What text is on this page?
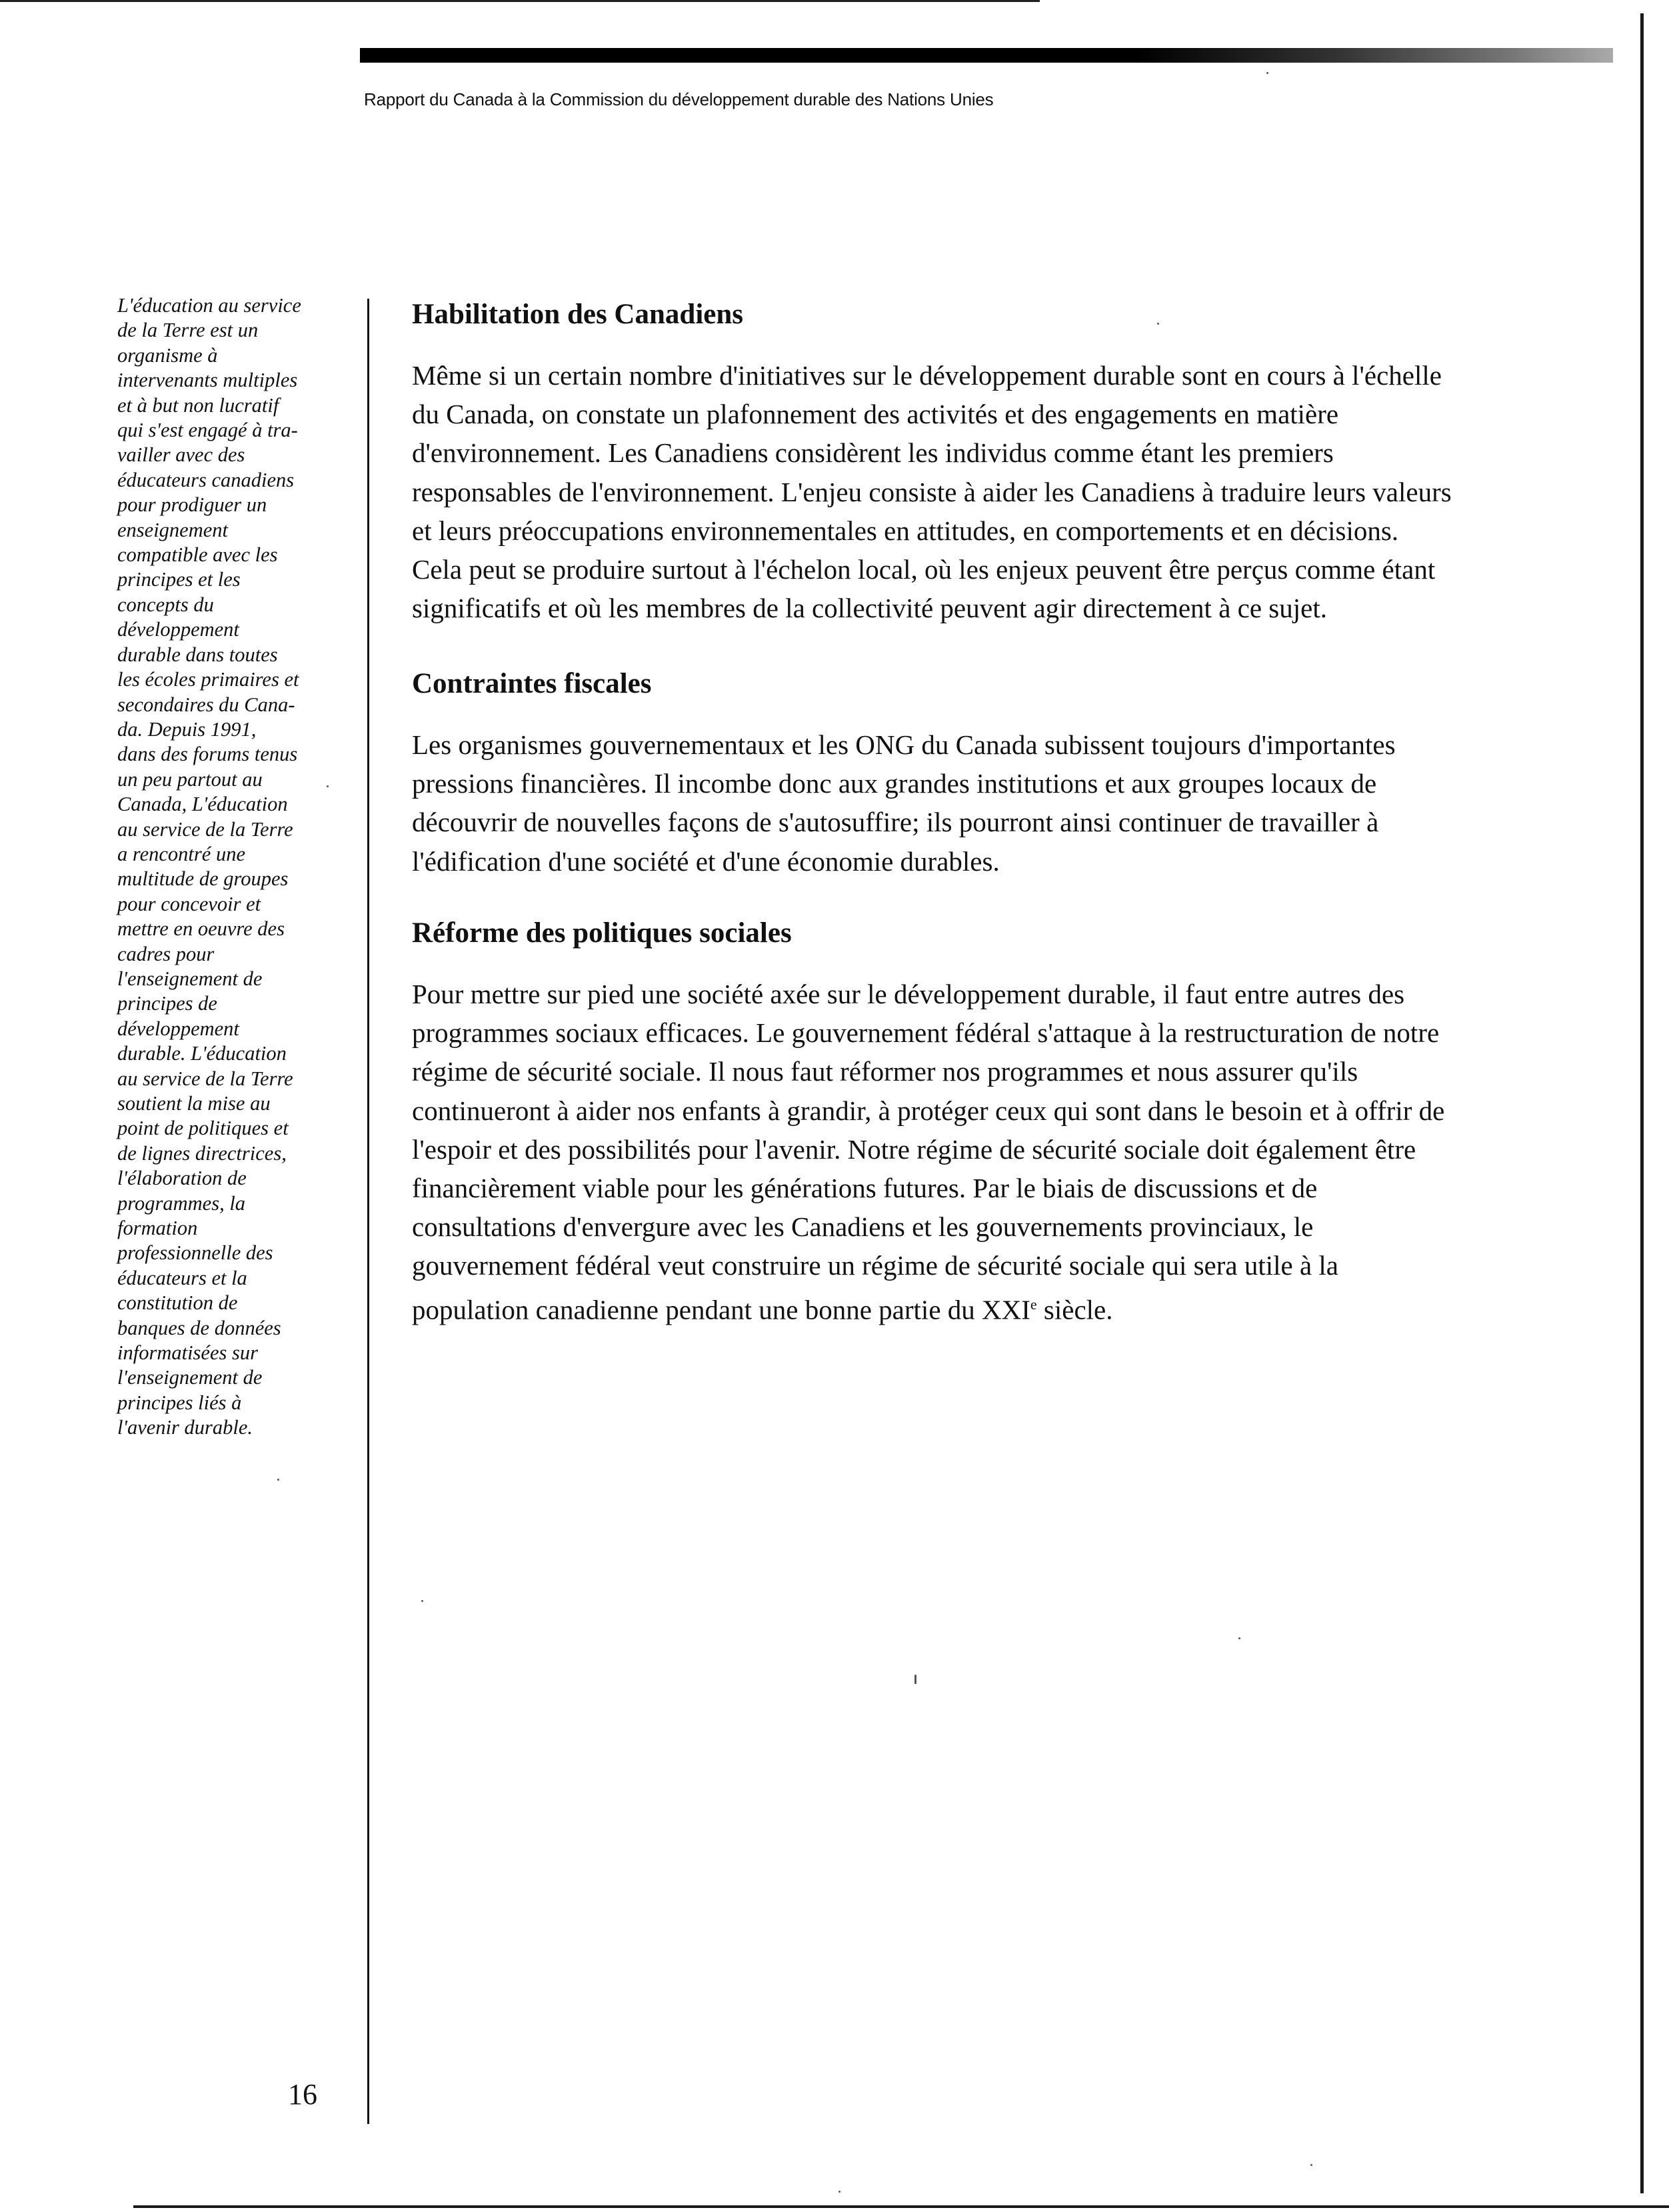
Rapport du Canada à la Commission du développement durable des Nations Unies
L'éducation au service
de la Terre est un
organisme à
intervenants multiples
et à but non lucratif
qui s'est engagé à tra-
vailler avec des
éducateurs canadiens
pour prodiguer un
enseignement
compatible avec les
principes et les
concepts du
développement
durable dans toutes
les écoles primaires et
secondaires du Cana-
da. Depuis 1991,
dans des forums tenus
un peu partout au
Canada, L'éducation
au service de la Terre
a rencontré une
multitude de groupes
pour concevoir et
mettre en oeuvre des
cadres pour
l'enseignement de
principes de
développement
durable. L'éducation
au service de la Terre
soutient la mise au
point de politiques et
de lignes directrices,
l'élaboration de
programmes, la
formation
professionnelle des
éducateurs et la
constitution de
banques de données
informatisées sur
l'enseignement de
principes liés à
l'avenir durable.
Habilitation des Canadiens
Même si un certain nombre d'initiatives sur le développement durable sont en cours à l'échelle
du Canada, on constate un plafonnement des activités et des engagements en matière
d'environnement. Les Canadiens considèrent les individus comme étant les premiers
responsables de l'environnement. L'enjeu consiste à aider les Canadiens à traduire leurs valeurs
et leurs préoccupations environnementales en attitudes, en comportements et en décisions.
Cela peut se produire surtout à l'échelon local, où les enjeux peuvent être perçus comme étant
significatifs et où les membres de la collectivité peuvent agir directement à ce sujet.
Contraintes fiscales
Les organismes gouvernementaux et les ONG du Canada subissent toujours d'importantes
pressions financières. Il incombe donc aux grandes institutions et aux groupes locaux de
découvrir de nouvelles façons de s'autosuffire; ils pourront ainsi continuer de travailler à
l'édification d'une société et d'une économie durables.
Réforme des politiques sociales
Pour mettre sur pied une société axée sur le développement durable, il faut entre autres des
programmes sociaux efficaces. Le gouvernement fédéral s'attaque à la restructuration de notre
régime de sécurité sociale. Il nous faut réformer nos programmes et nous assurer qu'ils
continueront à aider nos enfants à grandir, à protéger ceux qui sont dans le besoin et à offrir de
l'espoir et des possibilités pour l'avenir. Notre régime de sécurité sociale doit également être
financièrement viable pour les générations futures. Par le biais de discussions et de
consultations d'envergure avec les Canadiens et les gouvernements provinciaux, le
gouvernement fédéral veut construire un régime de sécurité sociale qui sera utile à la
population canadienne pendant une bonne partie du XXIe siècle.
16
